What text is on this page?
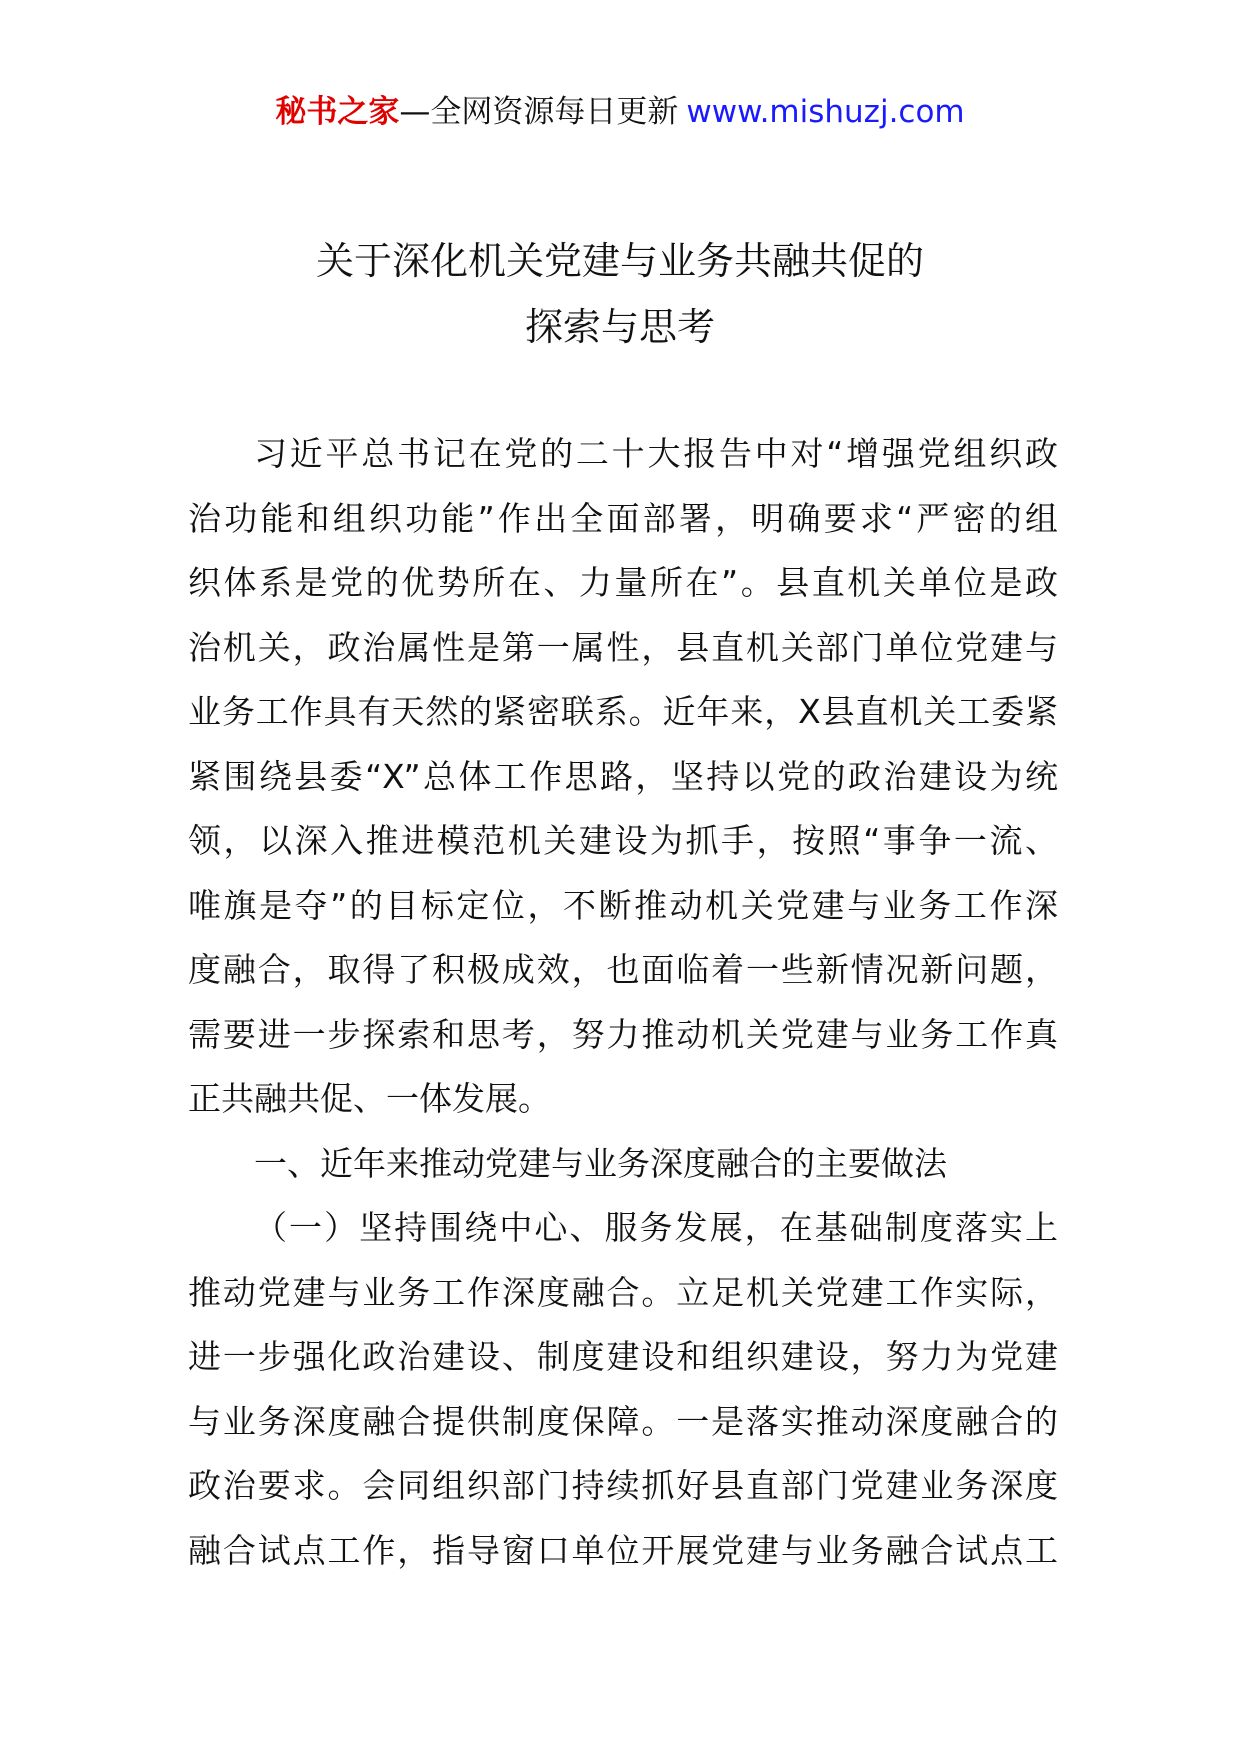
秘书之家—全网资源每日更新 www.mishuzj.com
关于深化机关党建与业务共融共促的
探索与思考

习近平总书记在党的二十大报告中对“增强党组织政
治功能和组织功能”作出全面部署，明确要求“严密的组
织体系是党的优势所在、力量所在”。县直机关单位是政
治机关，政治属性是第一属性，县直机关部门单位党建与
业务工作具有天然的紧密联系。近年来，X县直机关工委紧
紧围绕县委“X”总体工作思路，坚持以党的政治建设为统
领，以深入推进模范机关建设为抓手，按照“事争一流、
唯旗是夺”的目标定位，不断推动机关党建与业务工作深
度融合，取得了积极成效，也面临着一些新情况新问题，
需要进一步探索和思考，努力推动机关党建与业务工作真
正共融共促、一体发展。

一、近年来推动党建与业务深度融合的主要做法

（一）坚持围绕中心、服务发展，在基础制度落实上
推动党建与业务工作深度融合。立足机关党建工作实际，
进一步强化政治建设、制度建设和组织建设，努力为党建
与业务深度融合提供制度保障。一是落实推动深度融合的
政治要求。会同组织部门持续抓好县直部门党建业务深度
融合试点工作，指导窗口单位开展党建与业务融合试点工
